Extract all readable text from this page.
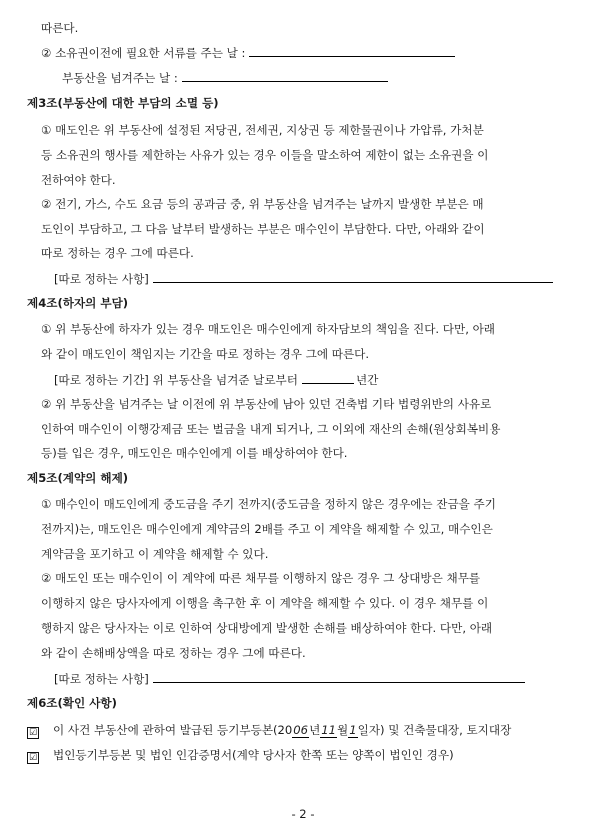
따른다.
② 소유권이전에 필요한 서류를 주는 날 :
부동산을 넘겨주는 날 :
제3조(부동산에 대한 부담의 소멸 등)
① 매도인은 위 부동산에 설정된 저당권, 전세권, 지상권 등 제한물권이나 가압류, 가처분
등 소유권의 행사를 제한하는 사유가 있는 경우 이들을 말소하여 제한이 없는 소유권을 이
전하여야 한다.
② 전기, 가스, 수도 요금 등의 공과금 중, 위 부동산을 넘겨주는 날까지 발생한 부분은 매
도인이 부담하고, 그 다음 날부터 발생하는 부분은 매수인이 부담한다. 다만, 아래와 같이
따로 정하는 경우 그에 따른다.
[따로 정하는 사항]
제4조(하자의 부담)
① 위 부동산에 하자가 있는 경우 매도인은 매수인에게 하자담보의 책임을 진다. 다만, 아래
와 같이 매도인이 책임지는 기간을 따로 정하는 경우 그에 따른다.
[따로 정하는 기간] 위 부동산을 넘겨준 날로부터	년간
② 위 부동산을 넘겨주는 날 이전에 위 부동산에 남아 있던 건축법 기타 법령위반의 사유로
인하여 매수인이 이행강제금 또는 벌금을 내게 되거나, 그 이외에 재산의 손해(원상회복비용
등)를 입은 경우, 매도인은 매수인에게 이를 배상하여야 한다.
제5조(계약의 해제)
① 매수인이 매도인에게 중도금을 주기 전까지(중도금을 정하지 않은 경우에는 잔금을 주기
전까지)는, 매도인은 매수인에게 계약금의 2배를 주고 이 계약을 해제할 수 있고, 매수인은
계약금을 포기하고 이 계약을 해제할 수 있다.
② 매도인 또는 매수인이 이 계약에 따른 채무를 이행하지 않은 경우 그 상대방은 채무를
이행하지 않은 당사자에게 이행을 촉구한 후 이 계약을 해제할 수 있다. 이 경우 채무를 이
행하지 않은 당사자는 이로 인하여 상대방에게 발생한 손해를 배상하여야 한다. 다만, 아래
와 같이 손해배상액을 따로 정하는 경우 그에 따른다.
[따로 정하는 사항]
제6조(확인 사항)
☑ 이 사건 부동산에 관하여 발급된 등기부등본(2006년11월1일자) 및 건축물대장, 토지대장
☑ 법인등기부등본 및 법인 인감증명서(계약 당사자 한쪽 또는 양쪽이 법인인 경우)
- 2 -
